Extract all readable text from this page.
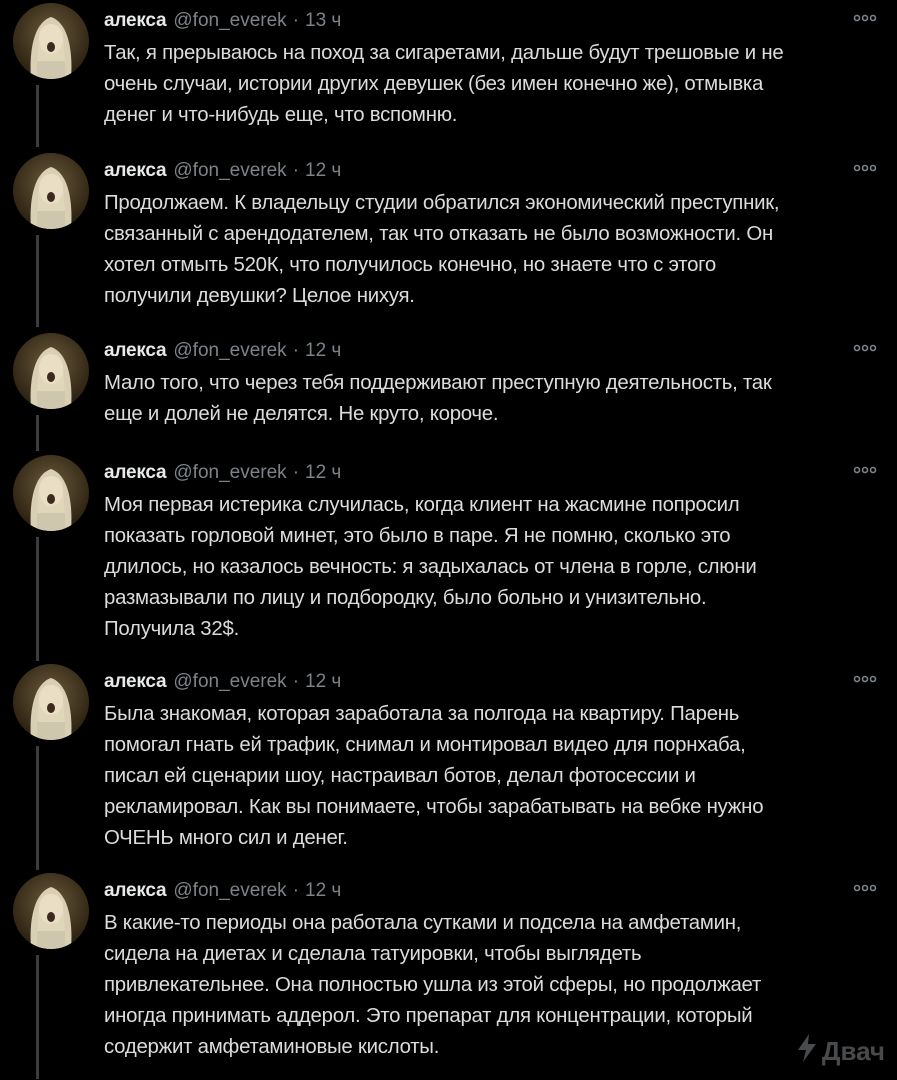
алекса @fon_everek · 13 ч
Так, я прерываюсь на поход за сигаретами, дальше будут трешовые и не
очень случаи, истории других девушек (без имен конечно же), отмывка
денег и что-нибудь еще, что вспомню.
алекса @fon_everek · 12 ч
Продолжаем. К владельцу студии обратился экономический преступник,
связанный с арендодателем, так что отказать не было возможности. Он
хотел отмыть 520К, что получилось конечно, но знаете что с этого
получили девушки? Целое нихуя.
алекса @fon_everek · 12 ч
Мало того, что через тебя поддерживают преступную деятельность, так
еще и долей не делятся. Не круто, короче.
алекса @fon_everek · 12 ч
Моя первая истерика случилась, когда клиент на жасмине попросил
показать горловой минет, это было в паре. Я не помню, сколько это
длилось, но казалось вечность: я задыхалась от члена в горле, слюни
размазывали по лицу и подбородку, было больно и унизительно.
Получила 32$.
алекса @fon_everek · 12 ч
Была знакомая, которая заработала за полгода на квартиру. Парень
помогал гнать ей трафик, снимал и монтировал видео для порнхаба,
писал ей сценарии шоу, настраивал ботов, делал фотосессии и
рекламировал. Как вы понимаете, чтобы зарабатывать на вебке нужно
ОЧЕНЬ много сил и денег.
алекса @fon_everek · 12 ч
В какие-то периоды она работала сутками и подсела на амфетамин,
сидела на диетах и сделала татуировки, чтобы выглядеть
привлекательнее. Она полностью ушла из этой сферы, но продолжает
иногда принимать аддерол. Это препарат для концентрации, который
содержит амфетаминовые кислоты.	Двач
